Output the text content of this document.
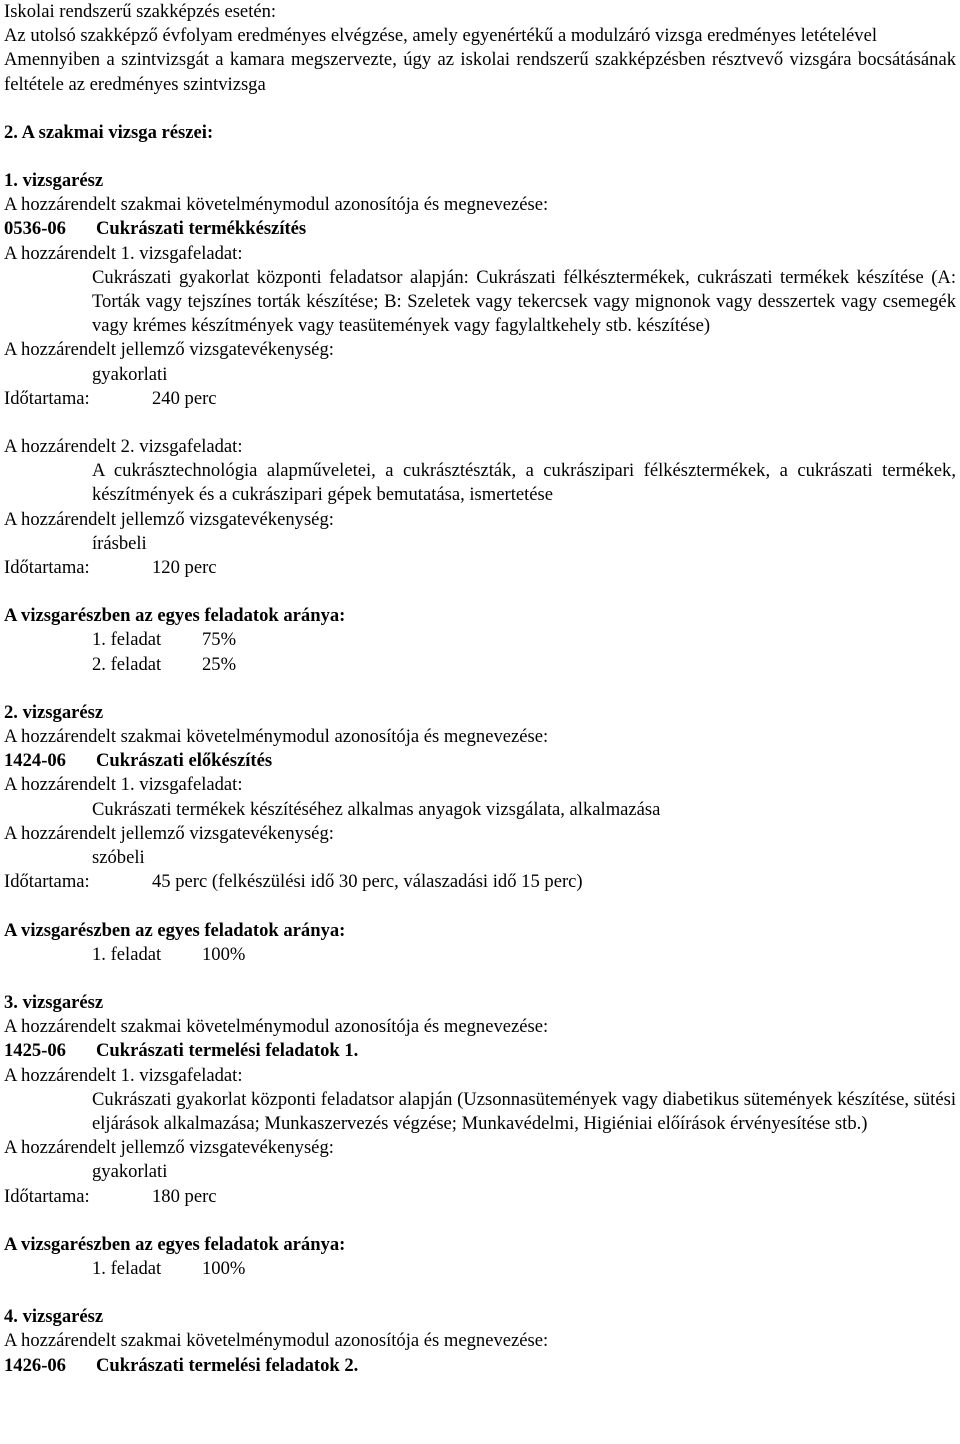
Iskolai rendszerű szakképzés esetén:

Az utolsó szakképző évfolyam eredményes elvégzése, amely egyenértékű a modulzáró vizsga eredményes letételével

Amennyiben a szintvizsgát a kamara megszervezte, úgy az iskolai rendszerű szakképzésben résztvevő vizsgára bocsátásának feltétele az eredményes szintvizsga

2. A szakmai vizsga részei:

1. vizsgarész

A hozzárendelt szakmai követelménymodul azonosítója és megnevezése:

0536-06 Cukrászati termékkészítés

A hozzárendelt 1. vizsgafeladat:

Cukrászati gyakorlat központi feladatsor alapján: Cukrászati félkésztermékek, cukrászati termékek készítése (A: Torták vagy tejszínes torták készítése; B: Szeletek vagy tekercsek vagy mignonok vagy desszertek vagy csemegék vagy krémes készítmények vagy teasütemények vagy fagylaltkehely stb. készítése)

A hozzárendelt jellemző vizsgatevékenység:

gyakorlati

Időtartama:	240 perc

A hozzárendelt 2. vizsgafeladat:

A cukrásztechnológia alapműveletei, a cukrásztészták, a cukrászipari félkésztermékek, a cukrászati termékek, készítmények és a cukrászipari gépek bemutatása, ismertetése

A hozzárendelt jellemző vizsgatevékenység:

írásbeli

Időtartama:	120 perc

A vizsgarészben az egyes feladatok aránya:

1. feladat	75%
2. feladat	25%

2. vizsgarész

A hozzárendelt szakmai követelménymodul azonosítója és megnevezése:

1424-06 Cukrászati előkészítés

A hozzárendelt 1. vizsgafeladat:

Cukrászati termékek készítéséhez alkalmas anyagok vizsgálata, alkalmazása

A hozzárendelt jellemző vizsgatevékenység:

szóbeli

Időtartama:	45 perc (felkészülési idő 30 perc, válaszadási idő 15 perc)

A vizsgarészben az egyes feladatok aránya:

1. feladat	100%

3. vizsgarész

A hozzárendelt szakmai követelménymodul azonosítója és megnevezése:

1425-06 Cukrászati termelési feladatok 1.

A hozzárendelt 1. vizsgafeladat:

Cukrászati gyakorlat központi feladatsor alapján (Uzsonnasütemények vagy diabetikus sütemények készítése, sütési eljárások alkalmazása; Munkaszervezés végzése; Munkavédelmi, Higiéniai előírások érvényesítése stb.)

A hozzárendelt jellemző vizsgatevékenység:

gyakorlati

Időtartama:	180 perc

A vizsgarészben az egyes feladatok aránya:

1. feladat	100%

4. vizsgarész

A hozzárendelt szakmai követelménymodul azonosítója és megnevezése:

1426-06 Cukrászati termelési feladatok 2.
